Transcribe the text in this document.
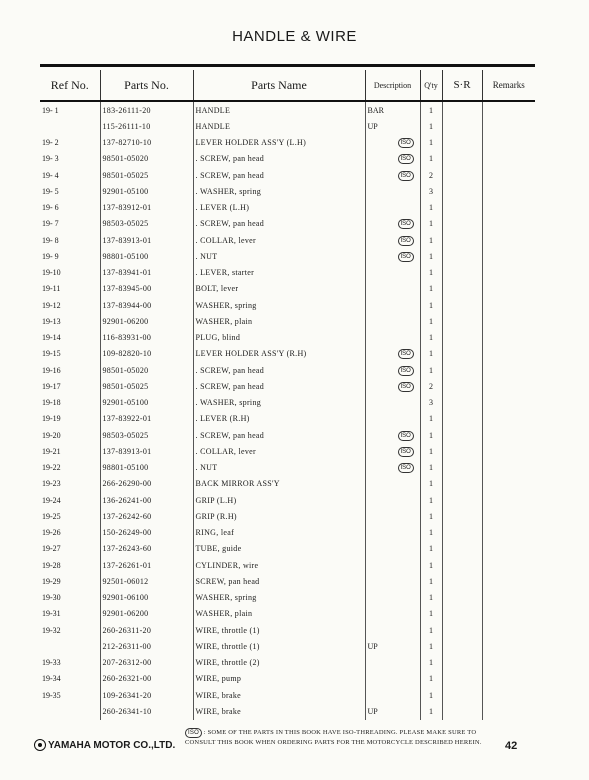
HANDLE & WIRE
Ref No.	Parts No.	Parts Name	Description	Q'ty	S·R	Remarks
19- 1	183-26111-20	HANDLE	BAR	1		
	115-26111-10	HANDLE	UP	1		
19- 2	137-82710-10	LEVER HOLDER ASS'Y (L.H)	ISO	1		
19- 3	98501-05020	. SCREW, pan head	ISO	1		
19- 4	98501-05025	. SCREW, pan head	ISO	2		
19- 5	92901-05100	. WASHER, spring		3		
19- 6	137-83912-01	. LEVER (L.H)		1		
19- 7	98503-05025	. SCREW, pan head	ISO	1		
19- 8	137-83913-01	. COLLAR, lever	ISO	1		
19- 9	98801-05100	. NUT	ISO	1		
19-10	137-83941-01	. LEVER, starter		1		
19-11	137-83945-00	BOLT, lever		1		
19-12	137-83944-00	WASHER, spring		1		
19-13	92901-06200	WASHER, plain		1		
19-14	116-83931-00	PLUG, blind		1		
19-15	109-82820-10	LEVER HOLDER ASS'Y (R.H)	ISO	1		
19-16	98501-05020	. SCREW, pan head	ISO	1		
19-17	98501-05025	. SCREW, pan head	ISO	2		
19-18	92901-05100	. WASHER, spring		3		
19-19	137-83922-01	. LEVER (R.H)		1		
19-20	98503-05025	. SCREW, pan head	ISO	1		
19-21	137-83913-01	. COLLAR, lever	ISO	1		
19-22	98801-05100	. NUT	ISO	1		
19-23	266-26290-00	BACK MIRROR ASS'Y		1		
19-24	136-26241-00	GRIP (L.H)		1		
19-25	137-26242-60	GRIP (R.H)		1		
19-26	150-26249-00	RING, leaf		1		
19-27	137-26243-60	TUBE, guide		1		
19-28	137-26261-01	CYLINDER, wire		1		
19-29	92501-06012	SCREW, pan head		1		
19-30	92901-06100	WASHER, spring		1		
19-31	92901-06200	WASHER, plain		1		
19-32	260-26311-20	WIRE, throttle (1)		1		
	212-26311-00	WIRE, throttle (1)	UP	1		
19-33	207-26312-00	WIRE, throttle (2)		1		
19-34	260-26321-00	WIRE, pump		1		
19-35	109-26341-20	WIRE, brake		1		
	260-26341-10	WIRE, brake	UP	1		
ISO : SOME OF THE PARTS IN THIS BOOK HAVE ISO-THREADING. PLEASE MAKE SURE TO
CONSULT THIS BOOK WHEN ORDERING PARTS FOR THE MOTORCYCLE DESCRIBED HEREIN.
YAMAHA MOTOR CO.,LTD.	42
